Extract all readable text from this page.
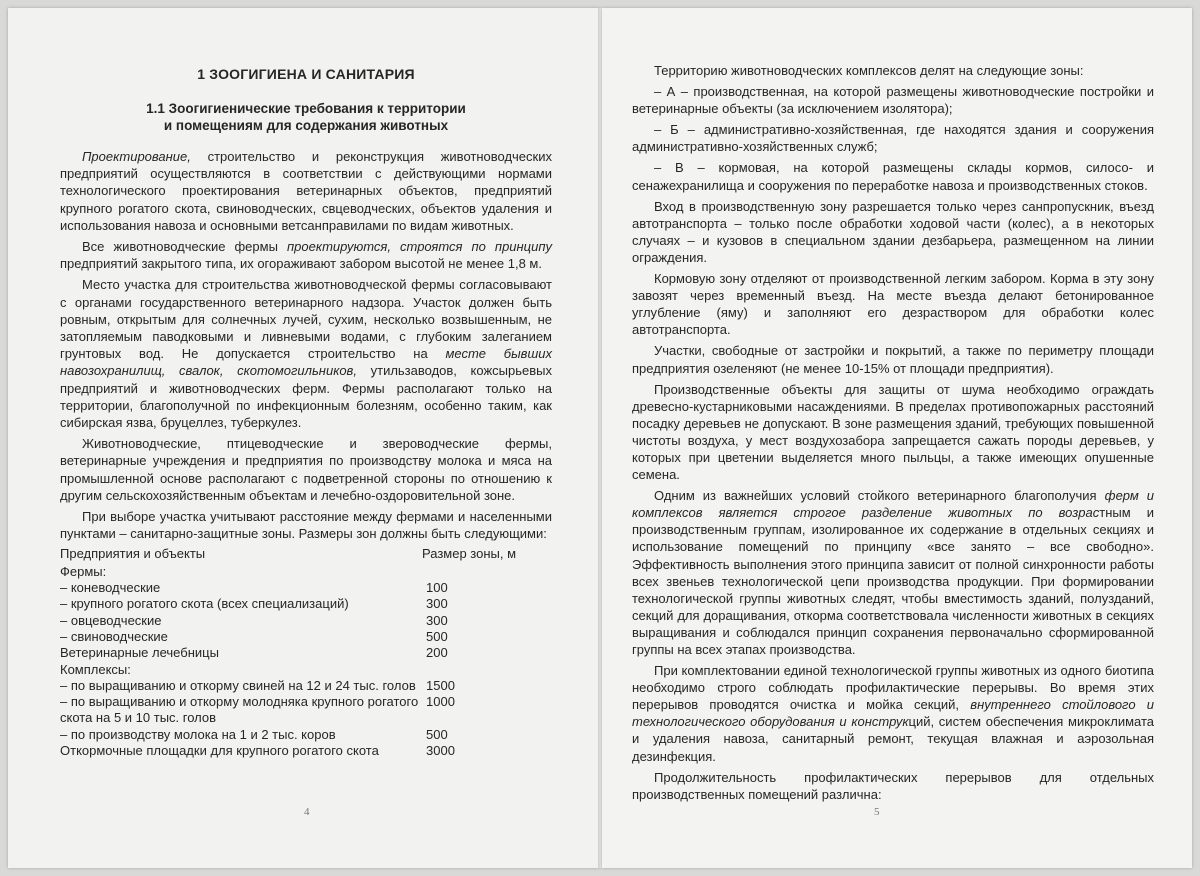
1 ЗООГИГИЕНА И САНИТАРИЯ
1.1 Зоогигиенические требования к территории
и помещениям для содержания животных

Проектирование, строительство и реконструкция животноводческих предприятий осуществляются в соответствии с действующими нормами технологического проектирования ветеринарных объектов, предприятий крупного рогатого скота, свиноводческих, свцеводческих, объектов удаления и использования навоза и основными ветсанправилами по видам животных.

Все животноводческие фермы проектируются, строятся по принципу предприятий закрытого типа, их огораживают забором высотой не менее 1,8 м.

Место участка для строительства животноводческой фермы согласовывают с органами государственного ветеринарного надзора. Участок должен быть ровным, открытым для солнечных лучей, сухим, несколько возвышенным, не затопляемым паводковыми и ливневыми водами, с глубоким залеганием грунтовых вод. Не допускается строительство на месте бывших навозохранилищ, свалок, скотомогильников, утильзаводов, кожсырьевых предприятий и животноводческих ферм. Фермы располагают только на территории, благополучной по инфекционным болезням, особенно таким, как сибирская язва, бруцеллез, туберкулез.

Животноводческие, птицеводческие и звероводческие фермы, ветеринарные учреждения и предприятия по производству молока и мяса на промышленной основе располагают с подветренной стороны по отношению к другим сельскохозяйственным объектам и лечебно-оздоровительной зоне.

При выборе участка учитывают расстояние между фермами и населенными пунктами – санитарно-защитные зоны. Размеры зон должны быть следующими:

Предприятия и объекты	Размер зоны, м
Фермы:	
– коневодческие	100
– крупного рогатого скота (всех специализаций)	300
– овцеводческие	300
– свиноводческие	500
Ветеринарные лечебницы	200
Комплексы:	
– по выращиванию и откорму свиней на 12 и 24 тыс. голов	1500
– по выращиванию и откорму молодняка крупного рогатого скота на 5 и 10 тыс. голов	1000
– по производству молока на 1 и 2 тыс. коров	500
Откормочные площадки для крупного рогатого скота	3000
4

Территорию животноводческих комплексов делят на следующие зоны:

– А – производственная, на которой размещены животноводческие постройки и ветеринарные объекты (за исключением изолятора);

– Б – административно-хозяйственная, где находятся здания и сооружения административно-хозяйственных служб;

– В – кормовая, на которой размещены склады кормов, силосо- и сенажехранилища и сооружения по переработке навоза и производственных стоков.

Вход в производственную зону разрешается только через санпропускник, въезд автотранспорта – только после обработки ходовой части (колес), а в некоторых случаях – и кузовов в специальном здании дезбарьера, размещенном на линии ограждения.

Кормовую зону отделяют от производственной легким забором. Корма в эту зону завозят через временный въезд. На месте въезда делают бетонированное углубление (яму) и заполняют его дезраствором для обработки колес автотранспорта.

Участки, свободные от застройки и покрытий, а также по периметру площади предприятия озеленяют (не менее 10-15% от площади предприятия).

Производственные объекты для защиты от шума необходимо ограждать древесно-кустарниковыми насаждениями. В пределах противопожарных расстояний посадку деревьев не допускают. В зоне размещения зданий, требующих повышенной чистоты воздуха, у мест воздухозабора запрещается сажать породы деревьев, у которых при цветении выделяется много пыльцы, а также имеющих опушенные семена.

Одним из важнейших условий стойкого ветеринарного благополучия ферм и комплексов является строгое разделение животных по возрастным и производственным группам, изолированное их содержание в отдельных секциях и использование помещений по принципу «все занято – все свободно». Эффективность выполнения этого принципа зависит от полной синхронности работы всех звеньев технологической цепи производства продукции. При формировании технологической группы животных следят, чтобы вместимость зданий, полузданий, секций для доращивания, откорма соответствовала численности животных в секциях выращивания и соблюдался принцип сохранения первоначально сформированной группы на всех этапах производства.

При комплектовании единой технологической группы животных из одного биотипа необходимо строго соблюдать профилактические перерывы. Во время этих перерывов проводятся очистка и мойка секций, внутреннего стойлового и технологического оборудования и конструкций, систем обеспечения микроклимата и удаления навоза, санитарный ремонт, текущая влажная и аэрозольная дезинфекция.

Продолжительность профилактических перерывов для отдельных производственных помещений различна:

5
